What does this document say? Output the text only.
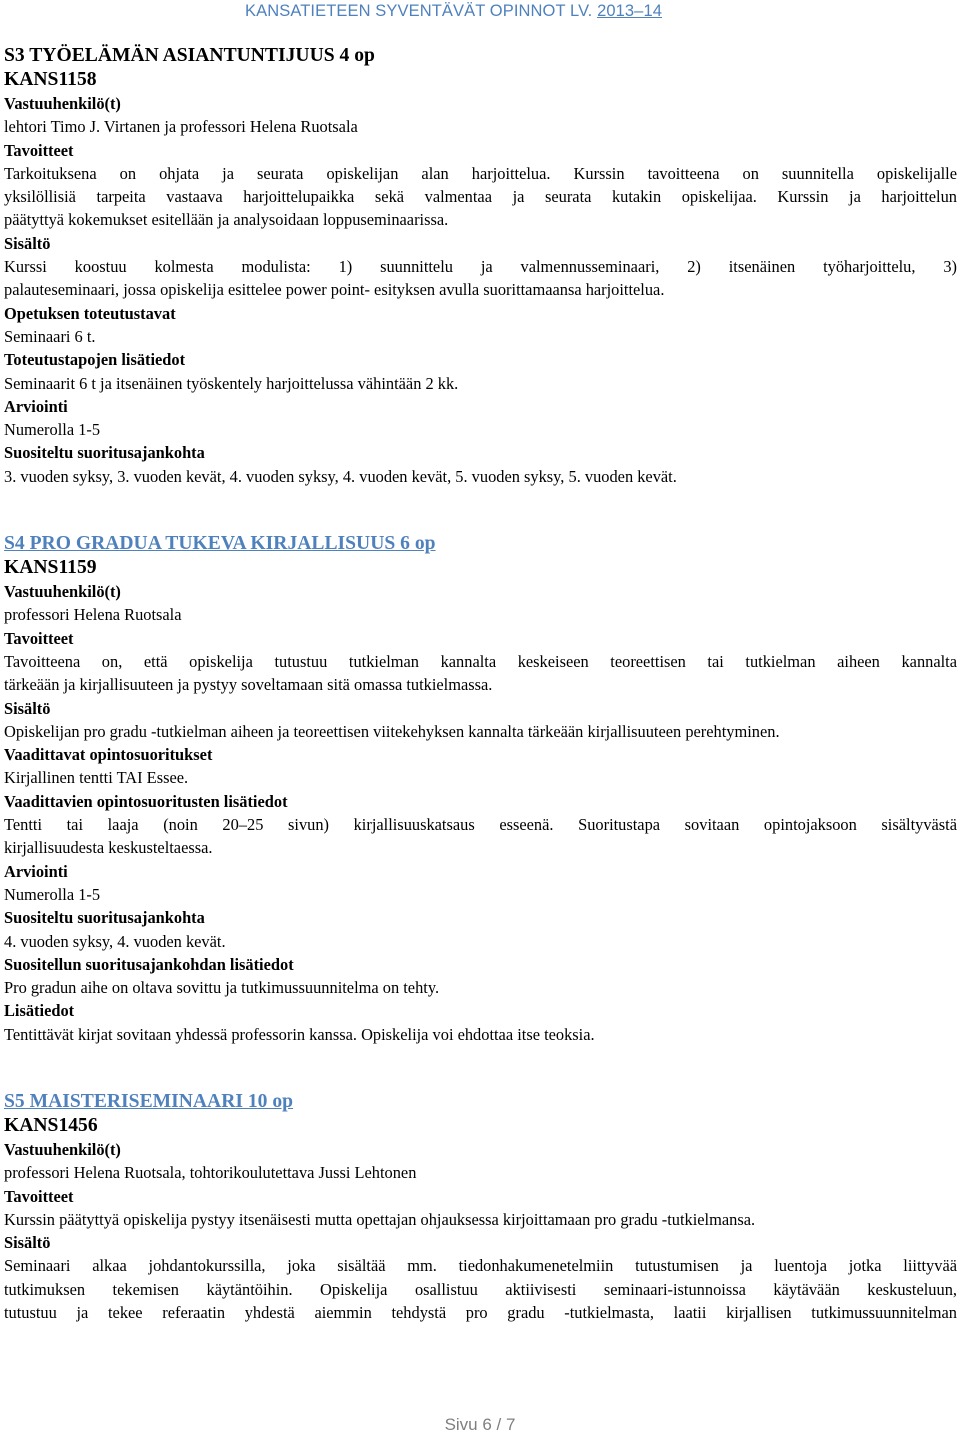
KANSATIETEEN SYVENTÄVÄT OPINNOT LV. 2013–14

S3 TYÖELÄMÄN ASIANTUNTIJUUS 4 op

KANS1158

Vastuuhenkilö(t)

lehtori Timo J. Virtanen ja professori Helena Ruotsala

Tavoitteet

Tarkoituksena on ohjata ja seurata opiskelijan alan harjoittelua. Kurssin tavoitteena on suunnitella opiskelijalle

yksilöllisiä tarpeita vastaava harjoittelupaikka sekä valmentaa ja seurata kutakin opiskelijaa. Kurssin ja harjoittelun

päätyttyä kokemukset esitellään ja analysoidaan loppuseminaarissa.

Sisältö

Kurssi koostuu kolmesta modulista: 1) suunnittelu ja valmennusseminaari, 2) itsenäinen työharjoittelu, 3)

palauteseminaari, jossa opiskelija esittelee power point- esityksen avulla suorittamaansa harjoittelua.

Opetuksen toteutustavat

Seminaari 6 t.

Toteutustapojen lisätiedot

Seminaarit 6 t ja itsenäinen työskentely harjoittelussa vähintään 2 kk.

Arviointi

Numerolla 1-5

Suositeltu suoritusajankohta

3. vuoden syksy, 3. vuoden kevät, 4. vuoden syksy, 4. vuoden kevät, 5. vuoden syksy, 5. vuoden kevät.

S4 PRO GRADUA TUKEVA KIRJALLISUUS 6 op

KANS1159

Vastuuhenkilö(t)

professori Helena Ruotsala

Tavoitteet

Tavoitteena on, että opiskelija tutustuu tutkielman kannalta keskeiseen teoreettisen tai tutkielman aiheen kannalta

tärkeään ja kirjallisuuteen ja pystyy soveltamaan sitä omassa tutkielmassa.

Sisältö

Opiskelijan pro gradu -tutkielman aiheen ja teoreettisen viitekehyksen kannalta tärkeään kirjallisuuteen perehtyminen.

Vaadittavat opintosuoritukset

Kirjallinen tentti TAI Essee.

Vaadittavien opintosuoritusten lisätiedot

Tentti tai laaja (noin 20–25 sivun) kirjallisuuskatsaus esseenä. Suoritustapa sovitaan opintojaksoon sisältyvästä

kirjallisuudesta keskusteltaessa.

Arviointi

Numerolla 1-5

Suositeltu suoritusajankohta

4. vuoden syksy, 4. vuoden kevät.

Suositellun suoritusajankohdan lisätiedot

Pro gradun aihe on oltava sovittu ja tutkimussuunnitelma on tehty.

Lisätiedot

Tentittävät kirjat sovitaan yhdessä professorin kanssa. Opiskelija voi ehdottaa itse teoksia.

S5 MAISTERISEMINAARI 10 op

KANS1456

Vastuuhenkilö(t)

professori Helena Ruotsala, tohtorikoulutettava Jussi Lehtonen

Tavoitteet

Kurssin päätyttyä opiskelija pystyy itsenäisesti mutta opettajan ohjauksessa kirjoittamaan pro gradu -tutkielmansa.

Sisältö

Seminaari alkaa johdantokurssilla, joka sisältää mm. tiedonhakumenetelmiin tutustumisen ja luentoja jotka liittyvää

tutkimuksen tekemisen käytäntöihin. Opiskelija osallistuu aktiivisesti seminaari-istunnoissa käytävään keskusteluun,

tutustuu ja tekee referaatin yhdestä aiemmin tehdystä pro gradu -tutkielmasta, laatii kirjallisen tutkimussuunnitelman

Sivu 6 / 7
